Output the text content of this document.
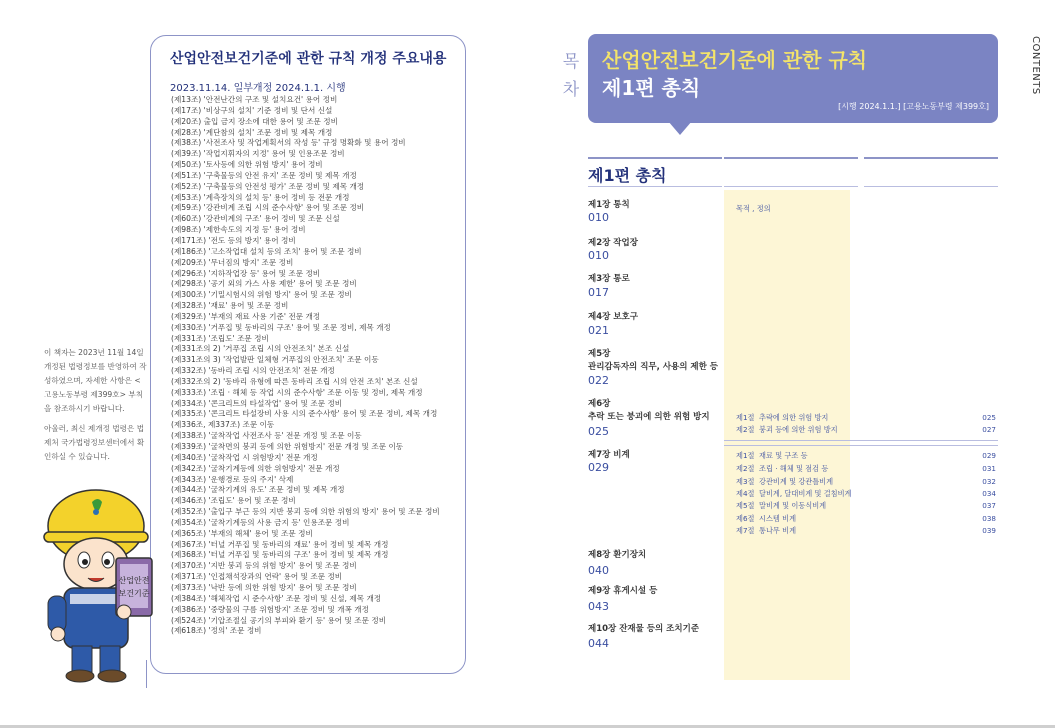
산업안전보건기준에 관한 규칙 개정 주요내용
2023.11.14. 일부개정 2024.1.1. 시행
(제13조) '안전난간의 구조 및 설치요건' 용어 정비
(제17조) '비상구의 설치' 기준 정비 및 단서 신설
(제20조) 출입 금지 장소에 대한 용어 및 조문 정비
(제28조) '계단참의 설치' 조문 정비 및 제목 개정
(제38조) '사전조사 및 작업계획서의 작성 등' 규정 명확화 및 용어 정비
(제39조) '작업지휘자의 지정' 용어 및 인용조문 정비
(제50조) '토사등에 의한 위험 방지' 용어 정비
(제51조) '구축물등의 안전 유지' 조문 정비 및 제목 개정
(제52조) '구축물등의 안전성 평가' 조문 정비 및 제목 개정
(제53조) '계측장치의 설치 등' 용어 정비 등 전문 개정
(제59조) '강관비계 조립 시의 준수사항' 용어 및 조문 정비
(제60조) '강관비계의 구조' 용어 정비 및 조문 신설
(제98조) '제한속도의 지정 등' 용어 정비
(제171조) '전도 등의 방지' 용어 정비
(제186조) '고소작업대 설치 등의 조치' 용어 및 조문 정비
(제209조) '무너짐의 방지' 조문 정비
(제296조) '지하작업장 등' 용어 및 조문 정비
(제298조) '공기 외의 가스 사용 제한' 용어 및 조문 정비
(제300조) '기밀시험시의 위험 방지' 용어 및 조문 정비
(제328조) '재료' 용어 및 조문 정비
(제329조) '부재의 재료 사용 기준' 전문 개정
(제330조) '거푸집 및 동바리의 구조' 용어 및 조문 정비, 제목 개정
(제331조) '조립도' 조문 정비
(제331조의 2) '거푸집 조립 시의 안전조치' 본조 신설
(제331조의 3) '작업발판 일체형 거푸집의 안전조치' 조문 이동
(제332조) '동바리 조립 시의 안전조치' 전문 개정
(제332조의 2) '동바리 유형에 따른 동바리 조립 시의 안전 조치' 본조 신설
(제333조) '조립 · 해체 등 작업 시의 준수사항' 조문 이동 및 정비, 제목 개정
(제334조) '콘크리트의 타설작업' 용어 및 조문 정비
(제335조) '콘크리트 타설장비 사용 시의 준수사항' 용어 및 조문 정비, 제목 개정
(제336조, 제337조) 조문 이동
(제338조) '굴착작업 사전조사 등' 전문 개정 및 조문 이동
(제339조) '굴착면의 붕괴 등에 의한 위험방지' 전문 개정 및 조문 이동
(제340조) '굴착작업 시 위험방지' 전문 개정
(제342조) '굴착기계등에 의한 위험방지' 전문 개정
(제343조) '운행경로 등의 주지' 삭제
(제344조) '굴착기계의 유도' 조문 정비 및 제목 개정
(제346조) '조립도' 용어 및 조문 정비
(제352조) '출입구 부근 등의 지반 붕괴 등에 의한 위험의 방지' 용어 및 조문 정비
(제354조) '굴착기계등의 사용 금지 등' 인용조문 정비
(제365조) '부재의 해체' 용어 및 조문 정비
(제367조) '터널 거푸집 및 동바리의 재료' 용어 정비 및 제목 개정
(제368조) '터널 거푸집 및 동바리의 구조' 용어 정비 및 제목 개정
(제370조) '지반 붕괴 등의 위험 방지' 용어 및 조문 정비
(제371조) '인접채석장과의 연락' 용어 및 조문 정비
(제373조) '낙반 등에 의한 위험 방지' 용어 및 조문 정비
(제384조) '해체작업 시 준수사항' 조문 정비 및 신설, 제목 개정
(제386조) '중량물의 구름 위험방지' 조문 정비 및 개폭 개정
(제524조) '기압조절실 공기의 부피와 환기 등' 용어 및 조문 정비
(제618조) '정의' 조문 정비

이 책자는 2023년 11월 14일 개정된 법령정보를 반영하여 작성하였으며, 자세한 사항은 <고용노동부령 제399호> 부칙을 참조하시기 바랍니다.

아울러, 최신 제개정 법령은 법제처 국가법령정보센터에서 확인하실 수 있습니다.

산업안전
보건기준
목
차
산업안전보건기준에 관한 규칙
제1편 총칙
[시행 2024.1.1.] [고용노동부령 제399호]
CONTENTS
제1편 총칙
제1장 통칙
010
목적 , 정의
제2장 작업장
010
제3장 통로
017
제4장 보호구
021
제5장
관리감독자의 직무, 사용의 제한 등
022
제6장
추락 또는 붕괴에 의한 위험 방지
025
제1절  추락에 의한 위험 방지	025
제2절  붕괴 등에 의한 위험 방지	027
제7장 비계
029
제1절  재료 및 구조 등	029
제2절  조립 · 해체 및 점검 등	031
제3절  강관비계 및 강관틀비계	032
제4절  달비계, 달대비계 및 걸침비계	034
제5절  말비계 및 이동식비계	037
제6절  시스템 비계	038
제7절  통나무 비계	039
제8장 환기장치
040
제9장 휴게시설 등
043
제10장 잔재물 등의 조치기준
044
